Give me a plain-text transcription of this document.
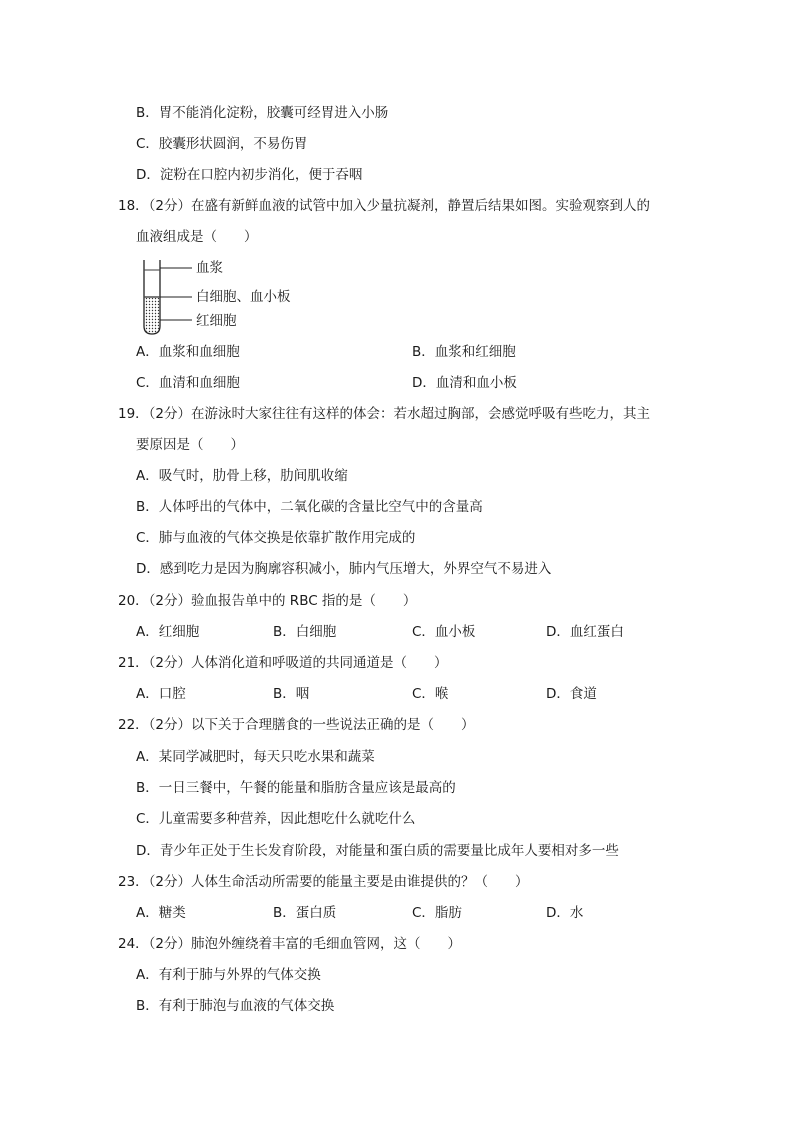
B．胃不能消化淀粉，胶囊可经胃进入小肠
C．胶囊形状圆润，不易伤胃
D．淀粉在口腔内初步消化，便于吞咽
18．（2分）在盛有新鲜血液的试管中加入少量抗凝剂，静置后结果如图。实验观察到人的
血液组成是（　　）
血浆
白细胞、血小板
红细胞
A．血浆和血细胞	B．血浆和红细胞
C．血清和血细胞	D．血清和血小板
19．（2分）在游泳时大家往往有这样的体会：若水超过胸部，会感觉呼吸有些吃力，其主
要原因是（　　）
A．吸气时，肋骨上移，肋间肌收缩
B．人体呼出的气体中，二氧化碳的含量比空气中的含量高
C．肺与血液的气体交换是依靠扩散作用完成的
D．感到吃力是因为胸廓容积减小，肺内气压增大，外界空气不易进入
20．（2分）验血报告单中的 RBC 指的是（　　）
A．红细胞	B．白细胞	C．血小板	D．血红蛋白
21．（2分）人体消化道和呼吸道的共同通道是（　　）
A．口腔	B．咽	C．喉	D．食道
22．（2分）以下关于合理膳食的一些说法正确的是（　　）
A．某同学减肥时，每天只吃水果和蔬菜
B．一日三餐中，午餐的能量和脂肪含量应该是最高的
C．儿童需要多种营养，因此想吃什么就吃什么
D．青少年正处于生长发育阶段，对能量和蛋白质的需要量比成年人要相对多一些
23．（2分）人体生命活动所需要的能量主要是由谁提供的？（　　）
A．糖类	B．蛋白质	C．脂肪	D．水
24．（2分）肺泡外缠绕着丰富的毛细血管网，这（　　）
A．有利于肺与外界的气体交换
B．有利于肺泡与血液的气体交换
